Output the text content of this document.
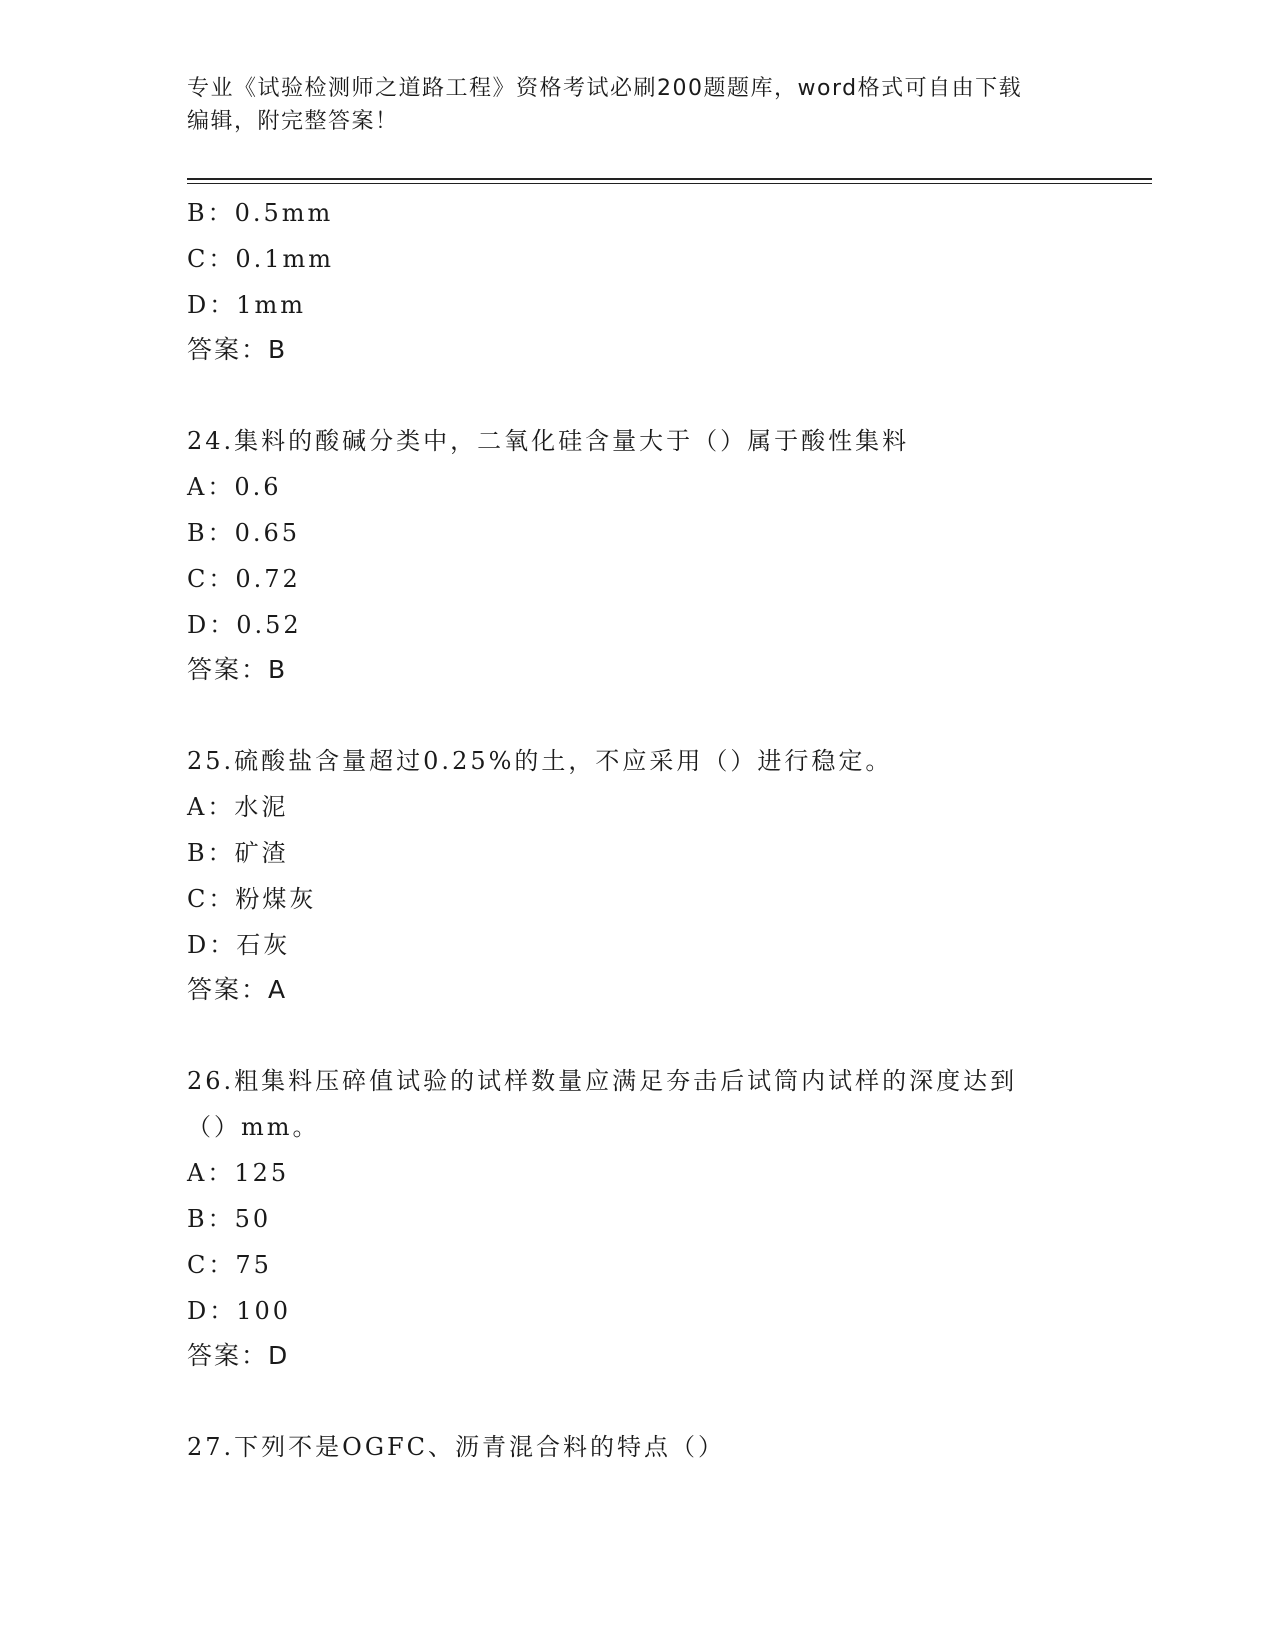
专业《试验检测师之道路工程》资格考试必刷200题题库，word格式可自由下载
编辑，附完整答案！
B：0.5mm
C：0.1mm
D：1mm
答案：B
24.集料的酸碱分类中，二氧化硅含量大于（）属于酸性集料
A：0.6
B：0.65
C：0.72
D：0.52
答案：B
25.硫酸盐含量超过0.25%的土，不应采用（）进行稳定。
A：水泥
B：矿渣
C：粉煤灰
D：石灰
答案：A
26.粗集料压碎值试验的试样数量应满足夯击后试筒内试样的深度达到
（）mm。
A：125
B：50
C：75
D：100
答案：D
27.下列不是OGFC、沥青混合料的特点（）
